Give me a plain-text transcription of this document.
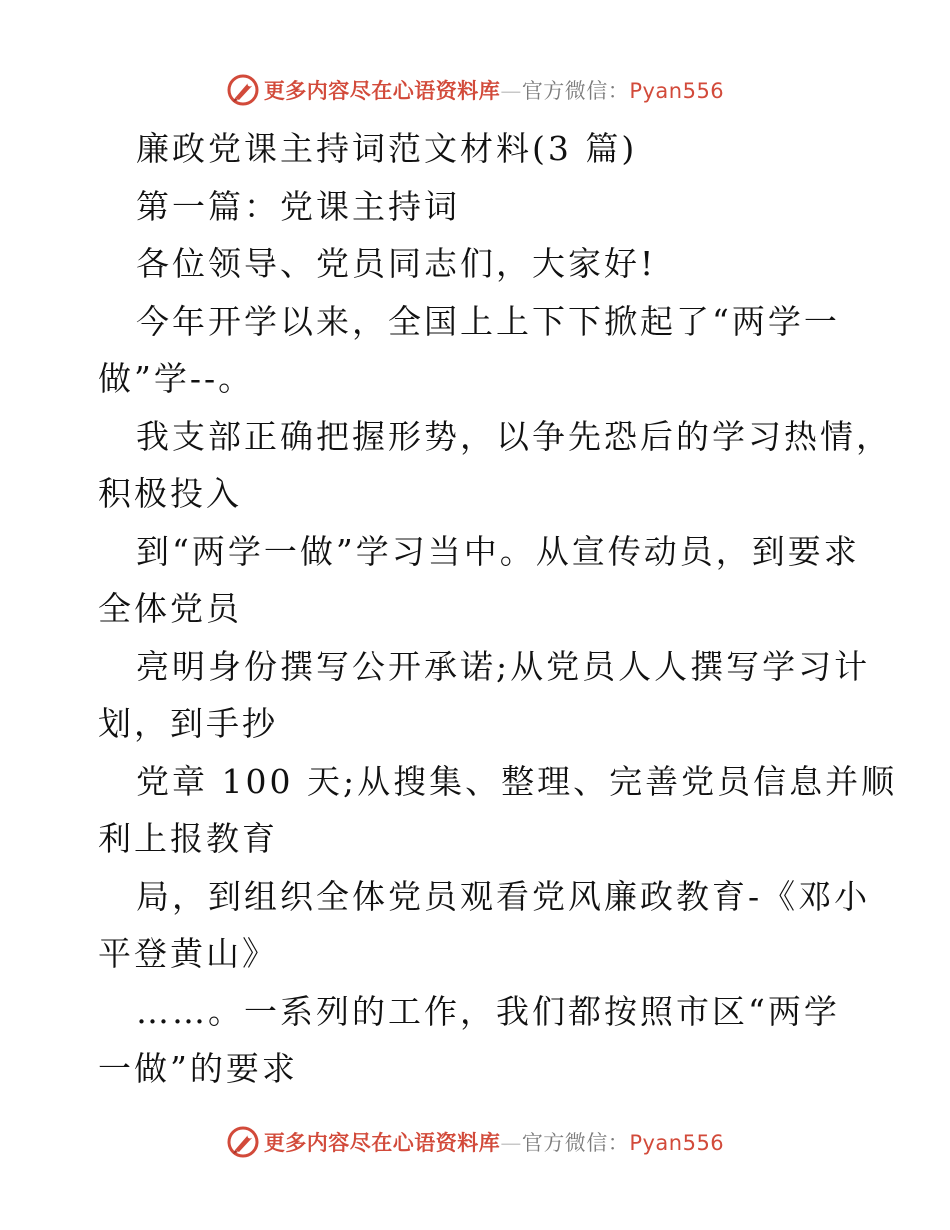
更多内容尽在心语资料库—官方微信：Pyan556
廉政党课主持词范文材料(3 篇)
第一篇：党课主持词
各位领导、党员同志们，大家好!
今年开学以来，全国上上下下掀起了“两学一
做”学--。
我支部正确把握形势，以争先恐后的学习热情，
积极投入
到“两学一做”学习当中。从宣传动员，到要求
全体党员
亮明身份撰写公开承诺;从党员人人撰写学习计
划，到手抄
党章 100 天;从搜集、整理、完善党员信息并顺
利上报教育
局，到组织全体党员观看党风廉政教育-《邓小
平登黄山》
……。一系列的工作，我们都按照市区“两学
一做”的要求
更多内容尽在心语资料库—官方微信：Pyan556
